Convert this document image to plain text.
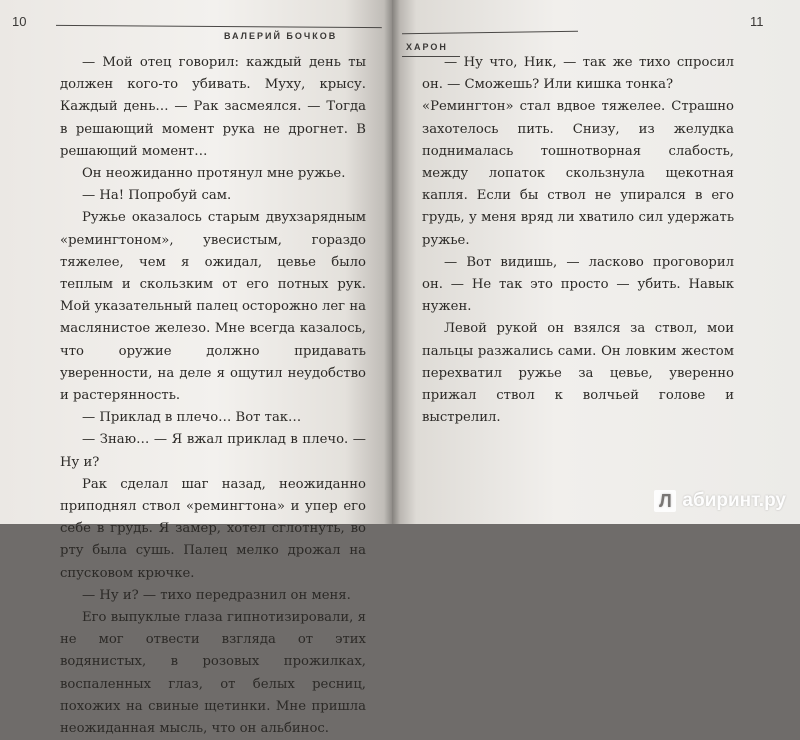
10
ВАЛЕРИЙ БОЧКОВ

— Мой отец говорил: каждый день ты должен кого-то убивать. Муху, крысу. Каждый день… — Рак засмеялся. — Тогда в решающий момент рука не дрогнет. В решающий момент…

Он неожиданно протянул мне ружье.

— На! Попробуй сам.

Ружье оказалось старым двухзарядным «ремингтоном», увесистым, гораздо тяжелее, чем я ожидал, цевье было теплым и скользким от его потных рук. Мой указательный палец осторожно лег на маслянистое железо. Мне всегда казалось, что оружие должно придавать уверенности, на деле я ощутил неудобство и растерянность.

— Приклад в плечо… Вот так…

— Знаю… — Я вжал приклад в плечо. — Ну и?

Рак сделал шаг назад, неожиданно приподнял ствол «ремингтона» и упер его себе в грудь. Я замер, хотел сглотнуть, во рту была сушь. Палец мелко дрожал на спусковом крючке.

— Ну и? — тихо передразнил он меня.

Его выпуклые глаза гипнотизировали, я не мог отвести взгляда от этих водянистых, в розовых прожилках, воспаленных глаз, от белых ресниц, похожих на свиные щетинки. Мне пришла неожиданная мысль, что он альбинос.

11
ХАРОН

— Ну что, Ник, — так же тихо спросил он. — Сможешь? Или кишка тонка?

«Ремингтон» стал вдвое тяжелее. Страшно захотелось пить. Снизу, из желудка поднималась тошнотворная слабость, между лопаток скользнула щекотная капля. Если бы ствол не упирался в его грудь, у меня вряд ли хватило сил удержать ружье.

— Вот видишь, — ласково проговорил он. — Не так это просто — убить. Навык нужен.

Левой рукой он взялся за ствол, мои пальцы разжались сами. Он ловким жестом перехватил ружье за цевье, уверенно прижал ствол к волчьей голове и выстрелил.

Л абиринт.ру
